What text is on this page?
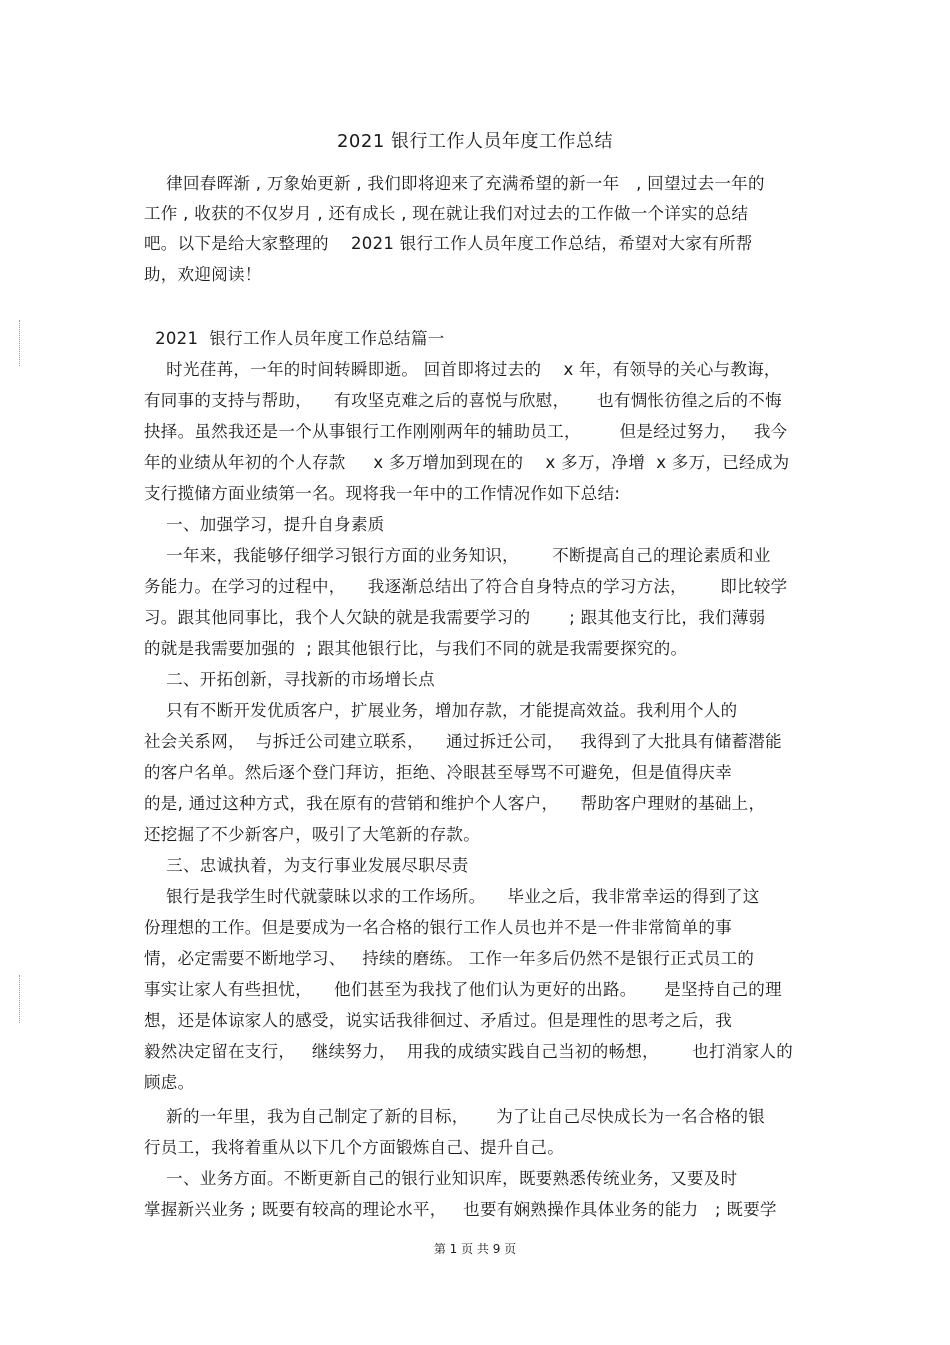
2021 银行工作人员年度工作总结
律回春晖渐 , 万象始更新 , 我们即将迎来了充满希望的新一年   , 回望过去一年的
工作 , 收获的不仅岁月 , 还有成长 , 现在就让我们对过去的工作做一个详实的总结
吧。以下是给大家整理的    2021 银行工作人员年度工作总结，希望对大家有所帮
助，欢迎阅读！
2021  银行工作人员年度工作总结篇一
时光荏苒，一年的时间转瞬即逝。 回首即将过去的    x 年，有领导的关心与教诲，
有同事的支持与帮助，    有攻坚克难之后的喜悦与欣慰，     也有惆怅彷徨之后的不悔
抉择。虽然我还是一个从事银行工作刚刚两年的辅助员工，       但是经过努力，   我今
年的业绩从年初的个人存款     x 多万增加到现在的    x 多万，净增  x 多万，已经成为
支行揽储方面业绩第一名。现将我一年中的工作情况作如下总结:
一、加强学习，提升自身素质
一年来，我能够仔细学习银行方面的业务知识，      不断提高自己的理论素质和业
务能力。在学习的过程中，    我逐渐总结出了符合自身特点的学习方法，      即比较学
习。跟其他同事比，我个人欠缺的就是我需要学习的       ; 跟其他支行比，我们薄弱
的就是我需要加强的  ; 跟其他银行比，与我们不同的就是我需要探究的。
二、开拓创新，寻找新的市场增长点
只有不断开发优质客户，扩展业务，增加存款，才能提高效益。我利用个人的
社会关系网，  与拆迁公司建立联系，    通过拆迁公司，   我得到了大批具有储蓄潜能
的客户名单。然后逐个登门拜访，拒绝、冷眼甚至辱骂不可避免，但是值得庆幸
的是, 通过这种方式，我在原有的营销和维护个人客户，    帮助客户理财的基础上，
还挖掘了不少新客户，吸引了大笔新的存款。
三、忠诚执着，为支行事业发展尽职尽责
银行是我学生时代就蒙昧以求的工作场所。    毕业之后，我非常幸运的得到了这
份理想的工作。但是要成为一名合格的银行工作人员也并不是一件非常简单的事
情，必定需要不断地学习、   持续的磨练。 工作一年多后仍然不是银行正式员工的
事实让家人有些担忧，    他们甚至为我找了他们认为更好的出路。     是坚持自己的理
想，还是体谅家人的感受，说实话我徘徊过、矛盾过。但是理性的思考之后，我
毅然决定留在支行，   继续努力，  用我的成绩实践自己当初的畅想，      也打消家人的
顾虑。
新的一年里，我为自己制定了新的目标，     为了让自己尽快成长为一名合格的银
行员工，我将着重从以下几个方面锻炼自己、提升自己。
一、业务方面。不断更新自己的银行业知识库，既要熟悉传统业务，又要及时
掌握新兴业务 ; 既要有较高的理论水平，   也要有娴熟操作具体业务的能力   ; 既要学
第 1 页 共 9 页
